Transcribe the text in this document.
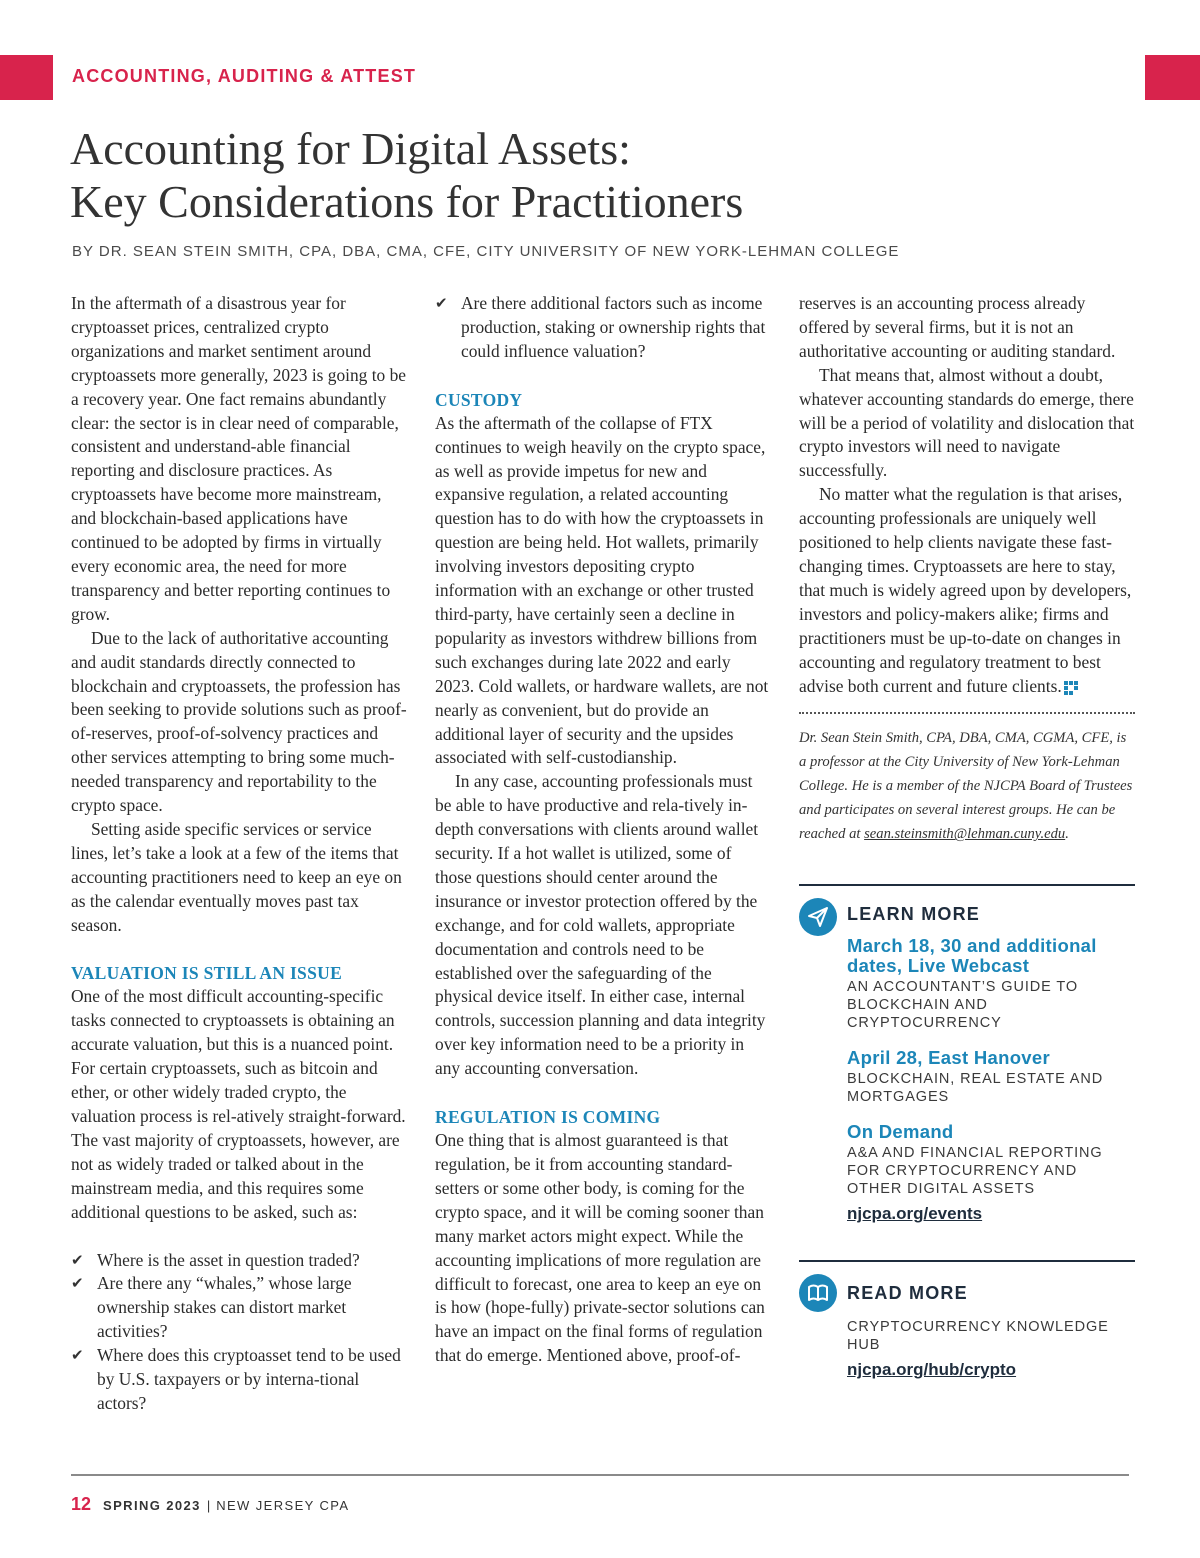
ACCOUNTING, AUDITING & ATTEST
Accounting for Digital Assets:
Key Considerations for Practitioners
BY DR. SEAN STEIN SMITH, CPA, DBA, CMA, CFE, CITY UNIVERSITY OF NEW YORK-LEHMAN COLLEGE

In the aftermath of a disastrous year for cryptoasset prices, centralized crypto organizations and market sentiment around cryptoassets more generally, 2023 is going to be a recovery year. One fact remains abundantly clear: the sector is in clear need of comparable, consistent and understand-able financial reporting and disclosure practices. As cryptoassets have become more mainstream, and blockchain-based applications have continued to be adopted by firms in virtually every economic area, the need for more transparency and better reporting continues to grow.

Due to the lack of authoritative accounting and audit standards directly connected to blockchain and cryptoassets, the profession has been seeking to provide solutions such as proof-of-reserves, proof-of-solvency practices and other services attempting to bring some much-needed transparency and reportability to the crypto space.

Setting aside specific services or service lines, let’s take a look at a few of the items that accounting practitioners need to keep an eye on as the calendar eventually moves past tax season.

VALUATION IS STILL AN ISSUE

One of the most difficult accounting-specific tasks connected to cryptoassets is obtaining an accurate valuation, but this is a nuanced point. For certain cryptoassets, such as bitcoin and ether, or other widely traded crypto, the valuation process is rel-atively straight-forward. The vast majority of cryptoassets, however, are not as widely traded or talked about in the mainstream media, and this requires some additional questions to be asked, such as:

✔ Where is the asset in question traded?
✔ Are there any “whales,” whose large ownership stakes can distort market activities?
✔ Where does this cryptoasset tend to be used by U.S. taxpayers or by interna-tional actors?
✔ Are there additional factors such as income production, staking or ownership rights that could influence valuation?
CUSTODY

As the aftermath of the collapse of FTX continues to weigh heavily on the crypto space, as well as provide impetus for new and expansive regulation, a related accounting question has to do with how the cryptoassets in question are being held. Hot wallets, primarily involving investors depositing crypto information with an exchange or other trusted third-party, have certainly seen a decline in popularity as investors withdrew billions from such exchanges during late 2022 and early 2023. Cold wallets, or hardware wallets, are not nearly as convenient, but do provide an additional layer of security and the upsides associated with self-custodianship.

In any case, accounting professionals must be able to have productive and rela-tively in-depth conversations with clients around wallet security. If a hot wallet is utilized, some of those questions should center around the insurance or investor protection offered by the exchange, and for cold wallets, appropriate documentation and controls need to be established over the safeguarding of the physical device itself. In either case, internal controls, succession planning and data integrity over key information need to be a priority in any accounting conversation.

REGULATION IS COMING

One thing that is almost guaranteed is that regulation, be it from accounting standard-setters or some other body, is coming for the crypto space, and it will be coming sooner than many market actors might expect. While the accounting implications of more regulation are difficult to forecast, one area to keep an eye on is how (hope-fully) private-sector solutions can have an impact on the final forms of regulation that do emerge. Mentioned above, proof-of-

reserves is an accounting process already offered by several firms, but it is not an authoritative accounting or auditing standard.

That means that, almost without a doubt, whatever accounting standards do emerge, there will be a period of volatility and dislocation that crypto investors will need to navigate successfully.

No matter what the regulation is that arises, accounting professionals are uniquely well positioned to help clients navigate these fast-changing times. Cryptoassets are here to stay, that much is widely agreed upon by developers, investors and policy-makers alike; firms and practitioners must be up-to-date on changes in accounting and regulatory treatment to best advise both current and future clients.

Dr. Sean Stein Smith, CPA, DBA, CMA, CGMA, CFE, is a professor at the City University of New York-Lehman College. He is a member of the NJCPA Board of Trustees and participates on several interest groups. He can be reached at sean.steinsmith@lehman.cuny.edu.
LEARN MORE
March 18, 30 and additional dates, Live Webcast
AN ACCOUNTANT’S GUIDE TO BLOCKCHAIN AND CRYPTOCURRENCY
April 28, East Hanover
BLOCKCHAIN, REAL ESTATE AND MORTGAGES
On Demand
A&A AND FINANCIAL REPORTING FOR CRYPTOCURRENCY AND OTHER DIGITAL ASSETS
njcpa.org/events
READ MORE
CRYPTOCURRENCY KNOWLEDGE HUB
njcpa.org/hub/crypto
12 SPRING 2023 | NEW JERSEY CPA
